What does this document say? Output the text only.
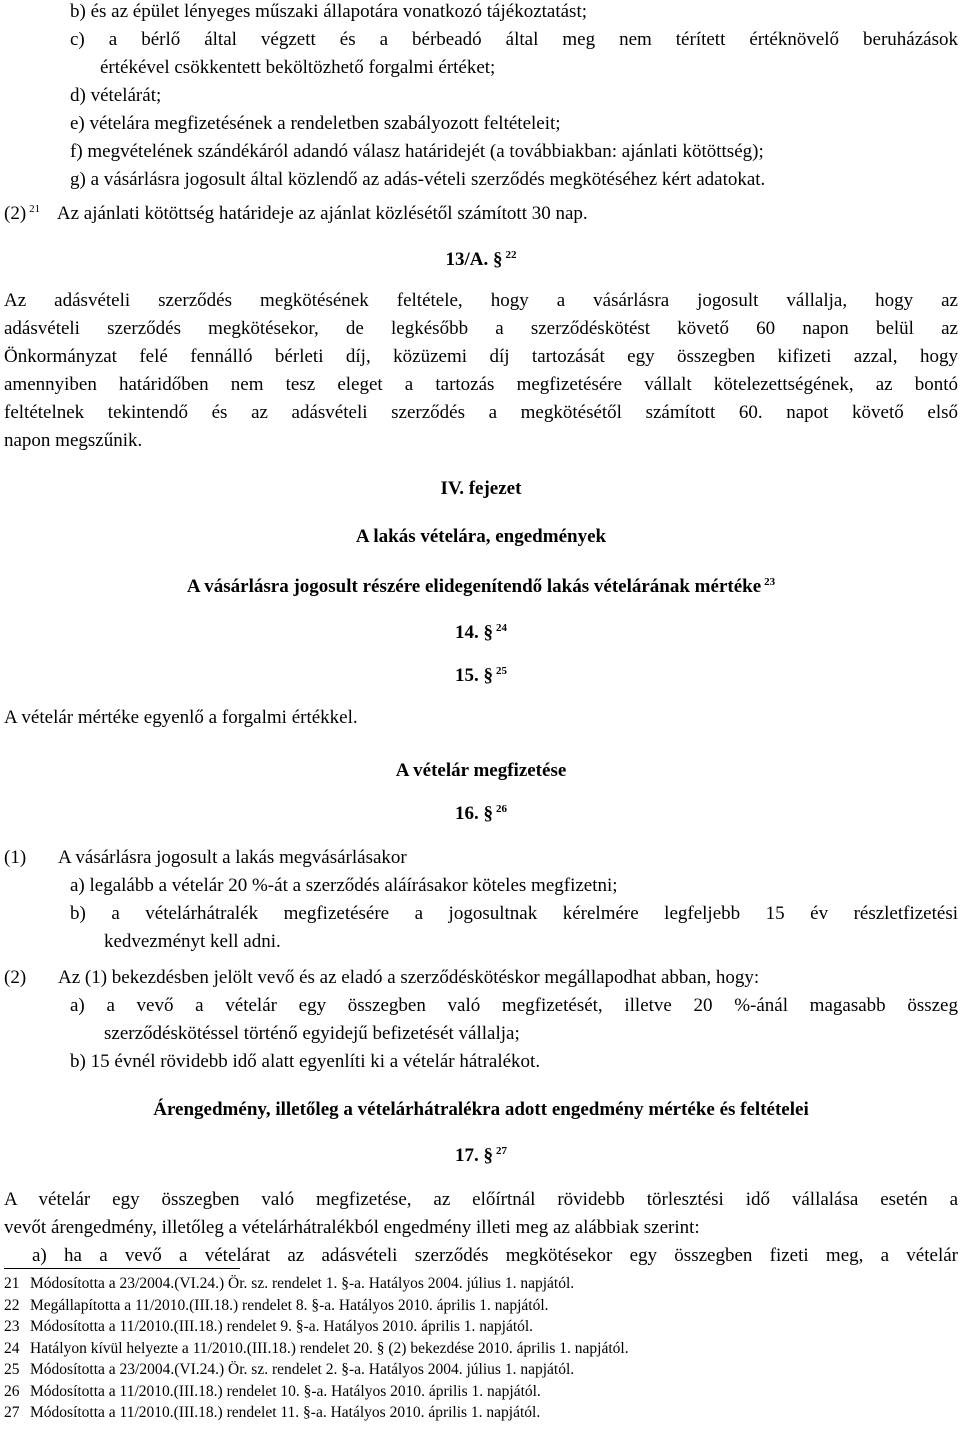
b) és az épület lényeges műszaki állapotára vonatkozó tájékoztatást;
c) a bérlő által végzett és a bérbeadó által meg nem térített értéknövelő beruházások
értékével csökkentett beköltözhető forgalmi értéket;
d) vételárát;
e) vételára megfizetésének a rendeletben szabályozott feltételeit;
f) megvételének szándékáról adandó válasz határidejét (a továbbiakban: ajánlati kötöttség);
g) a vásárlásra jogosult által közlendő az adás-vételi szerződés megkötéséhez kért adatokat.
(2) $^{21}$ Az ajánlati kötöttség határideje az ajánlat közlésétől számított 30 nap.
13/A. § $^{22}$
Az adásvételi szerződés megkötésének feltétele, hogy a vásárlásra jogosult vállalja, hogy az
adásvételi szerződés megkötésekor, de legkésőbb a szerződéskötést követő 60 napon belül az
Önkormányzat felé fennálló bérleti díj, közüzemi díj tartozását egy összegben kifizeti azzal, hogy
amennyiben határidőben nem tesz eleget a tartozás megfizetésére vállalt kötelezettségének, az bontó
feltételnek tekintendő és az adásvételi szerződés a megkötésétől számított 60. napot követő első
napon megszűnik.
IV. fejezet
A lakás vételára, engedmények
A vásárlásra jogosult részére elidegenítendő lakás vételárának mértéke $^{23}$
14. § $^{24}$
15. § $^{25}$
A vételár mértéke egyenlő a forgalmi értékkel.
A vételár megfizetése
16. § $^{26}$
(1) A vásárlásra jogosult a lakás megvásárlásakor
a) legalább a vételár 20 %-át a szerződés aláírásakor köteles megfizetni;
b) a vételárhátralék megfizetésére a jogosultnak kérelmére legfeljebb 15 év részletfizetési
kedvezményt kell adni.
(2) Az (1) bekezdésben jelölt vevő és az eladó a szerződéskötéskor megállapodhat abban, hogy:
a) a vevő a vételár egy összegben való megfizetését, illetve 20 %-ánál magasabb összeg
szerződéskötéssel történő egyidejű befizetését vállalja;
b) 15 évnél rövidebb idő alatt egyenlíti ki a vételár hátralékot.
Árengedmény, illetőleg a vételárhátralékra adott engedmény mértéke és feltételei
17. § $^{27}$
A vételár egy összegben való megfizetése, az előírtnál rövidebb törlesztési idő vállalása esetén a
vevőt árengedmény, illetőleg a vételárhátralékból engedmény illeti meg az alábbiak szerint:
a) ha a vevő a vételárat az adásvételi szerződés megkötésekor egy összegben fizeti meg, a vételár
21 Módosította a 23/2004.(VI.24.) Ör. sz. rendelet 1. §-a. Hatályos 2004. július 1. napjától.
22 Megállapította a 11/2010.(III.18.) rendelet 8. §-a. Hatályos 2010. április 1. napjától.
23 Módosította a 11/2010.(III.18.) rendelet 9. §-a. Hatályos 2010. április 1. napjától.
24 Hatályon kívül helyezte a 11/2010.(III.18.) rendelet 20. § (2) bekezdése 2010. április 1. napjától.
25 Módosította a 23/2004.(VI.24.) Ör. sz. rendelet 2. §-a. Hatályos 2004. július 1. napjától.
26 Módosította a 11/2010.(III.18.) rendelet 10. §-a. Hatályos 2010. április 1. napjától.
27 Módosította a 11/2010.(III.18.) rendelet 11. §-a. Hatályos 2010. április 1. napjától.
